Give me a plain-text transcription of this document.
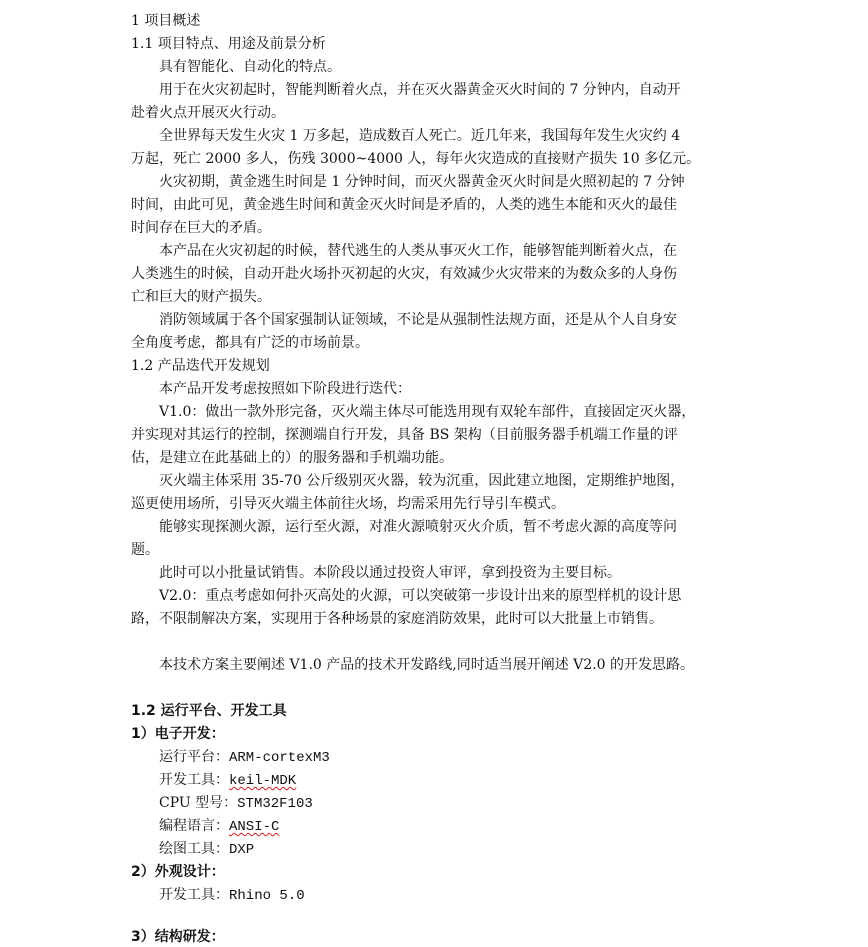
1 项目概述
1.1 项目特点、用途及前景分析
具有智能化、自动化的特点。
用于在火灾初起时，智能判断着火点，并在灭火器黄金灭火时间的 7 分钟内，自动开
赴着火点开展灭火行动。
全世界每天发生火灾 1 万多起，造成数百人死亡。近几年来，我国每年发生火灾约 4
万起，死亡 2000 多人，伤残 3000~4000 人，每年火灾造成的直接财产损失 10 多亿元。
火灾初期，黄金逃生时间是 1 分钟时间，而灭火器黄金灭火时间是火照初起的 7 分钟
时间，由此可见，黄金逃生时间和黄金灭火时间是矛盾的，人类的逃生本能和灭火的最佳
时间存在巨大的矛盾。
本产品在火灾初起的时候，替代逃生的人类从事灭火工作，能够智能判断着火点，在
人类逃生的时候，自动开赴火场扑灭初起的火灾，有效减少火灾带来的为数众多的人身伤
亡和巨大的财产损失。
消防领域属于各个国家强制认证领域，不论是从强制性法规方面，还是从个人自身安
全角度考虑，都具有广泛的市场前景。
1.2 产品迭代开发规划
本产品开发考虑按照如下阶段进行迭代：
V1.0：做出一款外形完备，灭火端主体尽可能选用现有双轮车部件，直接固定灭火器，
并实现对其运行的控制，探测端自行开发，具备 BS 架构（目前服务器手机端工作量的评
估，是建立在此基础上的）的服务器和手机端功能。
灭火端主体采用 35-70 公斤级别灭火器，较为沉重，因此建立地图，定期维护地图，
巡更使用场所，引导灭火端主体前往火场，均需采用先行导引车模式。
能够实现探测火源，运行至火源，对准火源喷射灭火介质，暂不考虑火源的高度等问
题。
此时可以小批量试销售。本阶段以通过投资人审评，拿到投资为主要目标。
V2.0：重点考虑如何扑灭高处的火源，可以突破第一步设计出来的原型样机的设计思
路，不限制解决方案，实现用于各种场景的家庭消防效果，此时可以大批量上市销售。
本技术方案主要阐述 V1.0 产品的技术开发路线,同时适当展开阐述 V2.0 的开发思路。
1.2 运行平台、开发工具
1）电子开发：
运行平台：ARM-cortexM3
开发工具：keil-MDK
CPU 型号：STM32F103
编程语言：ANSI-C
绘图工具：DXP
2）外观设计：
开发工具：Rhino 5.0
3）结构研发：
